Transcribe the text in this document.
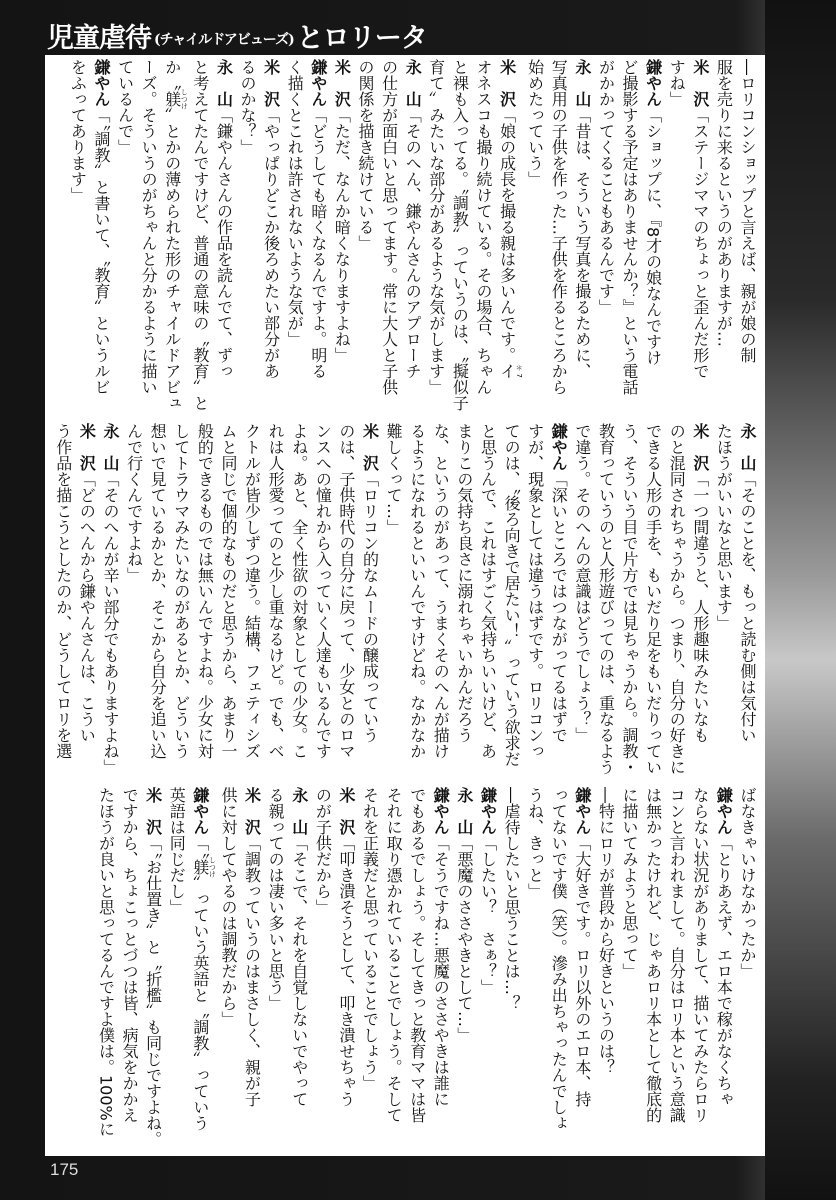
児童虐待 (チャイルドアビューズ) とロリータ
―ロリコンショップと言えば、親が娘の制
服を売りに来るというのがありますが…
米　沢「ステージママのちょっと歪んだ形で
すね」
鎌やん「ショップに、『8才の娘なんですけ
ど撮影する予定はありませんか？』という電話
がかかってくることもあるんです」
永　山「昔は、そういう写真を撮るために、
写真用の子供を作った…子供を作るところから
始めたっていう」
米　沢「娘の成長を撮る親は多いんです。イ＊7
オネスコも撮り続けている。その場合、ちゃん
と裸も入ってる。〝調教〟っていうのは、〝擬似子
育て〟みたいな部分があるような気がします」
永　山「そのへん、鎌やんさんのアプローチ
の仕方が面白いと思ってます。常に大人と子供
の関係を描き続けている」
米　沢「ただ、なんか暗くなりますよね」
鎌やん「どうしても暗くなるんですよ。明る
く描くとこれは許されないような気が」
米　沢「やっぱりどこか後ろめたい部分があ
るのかな？」
永　山「鎌やんさんの作品を読んでて、ずっ
と考えてたんですけど、普通の意味の〝教育〟と
か〝躾しつけ〟とかの薄められた形のチャイルドアビュ
ーズ。そういうのがちゃんと分かるように描い
ているんで」
鎌やん「〝調教〟と書いて、〝教育〟というルビ
をふってあります」
永　山「そのことを、もっと読む側は気付い
たほうがいいなと思います」
米　沢「一つ間違うと、人形趣味みたいなも
のと混同されちゃうから。つまり、自分の好きに
できる人形の手を、もいだり足をもいだりってい
う、そういう目で片方では見ちゃうから。調教・
教育っていうのと人形遊びってのは、重なるよう
で違う。そのへんの意識はどうでしょう？」
鎌やん「深いところではつながってるはずで
すが、現象としては違うはずです。ロリコンっ
てのは、〝後ろ向きで居たい！〟っていう欲求だ
と思うんで、これはすごく気持ちいいけど、あ
まりこの気持ち良さに溺れちゃいかんだろう
な、というのがあって、うまくそのへんが描け
るようになれるといいんですけどね。なかなか
難しくって…」
米　沢「ロリコン的なムードの醸成っていう
のは、子供時代の自分に戻って、少女とのロマ
ンスへの憧れから入っていく人達もいるんです
よね。あと、全く性欲の対象としての少女。こ
れは人形愛ってのと少し重なるけど。でも、ベ
クトルが皆少しずつ違う。結構、フェティシズ
ムと同じで個的なものだと思うから、あまり一
般的できるものでは無いんですよね。少女に対
してトラウマみたいなのがあるとか、どういう
想いで見ているかとか、そこから自分を追い込
んで行くんですよね」
永　山「そのへんが辛い部分でもありますよね」
米　沢「どのへんから鎌やんさんは、こうい
う作品を描こうとしたのか、どうしてロリを選
ばなきゃいけなかったか」
鎌やん「とりあえず、エロ本で稼がなくちゃ
ならない状況がありまして、描いてみたらロリ
コンと言われまして。自分はロリ本という意識
は無かったけれど、じゃあロリ本として徹底的
に描いてみようと思って」
―特にロリが普段から好きというのは？
鎌やん「大好きです。ロリ以外のエロ本、持
ってないです僕（笑）。滲み出ちゃったんでしょ
うね、きっと」
―虐待したいと思うことは…？
鎌やん「したい？　さぁ？」
永　山「悪魔のささやきとして…」
鎌やん「そうですね…悪魔のささやきは誰に
でもあるでしょう。そしてきっと教育ママは皆
それに取り憑かれていることでしょう。そして
それを正義だと思っていることでしょう」
米　沢「叩き潰そうとして、叩き潰せちゃう
のが子供だから」
永　山「そこで、それを自覚しないでやって
る親ってのは凄い多いと思う」
米　沢「調教っていうのはまさしく、親が子
供に対してやるのは調教だから」
鎌やん「〝躾しつけ〟っていう英語と〝調教〟っていう
英語は同じだし」
米　沢「〝お仕置き〟と〝折檻〟も同じですよね。
ですから、ちょこっとづつは皆、病気をかかえ
たほうが良いと思ってるんですよ僕は。100%に
175
